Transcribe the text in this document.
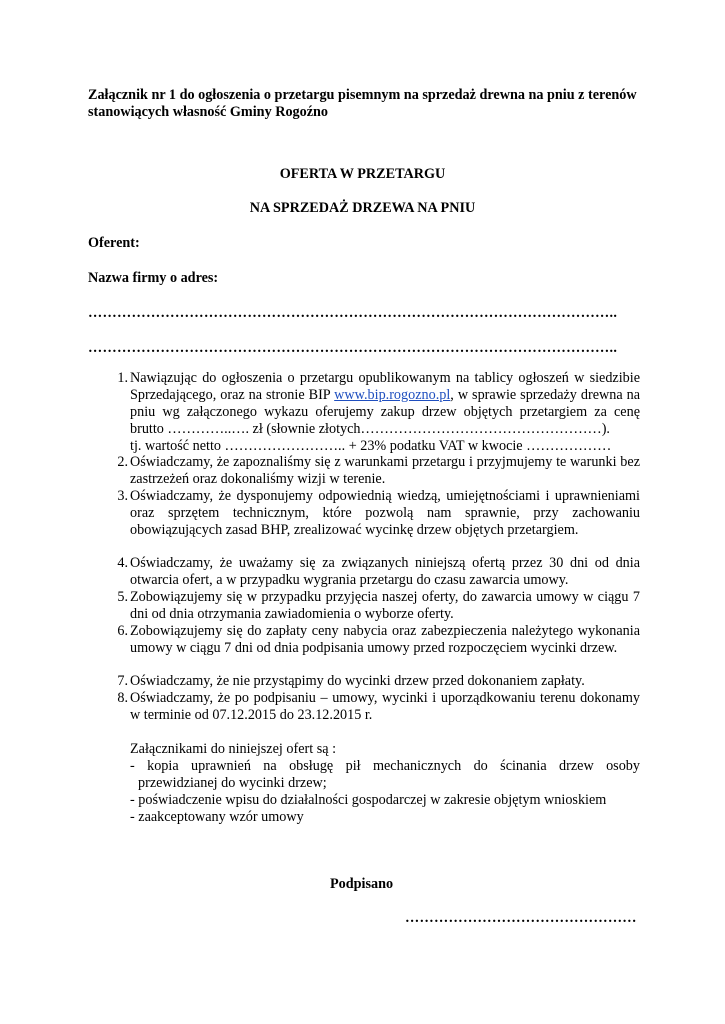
Załącznik nr 1 do ogłoszenia o przetargu pisemnym na sprzedaż drewna na pniu z terenów
stanowiących własność Gminy Rogoźno
OFERTA W PRZETARGU
NA SPRZEDAŻ DRZEWA NA PNIU
Oferent:
Nazwa firmy o adres:
………………………………………………………………………………………………..
………………………………………………………………………………………………..
1. Nawiązując do ogłoszenia o przetargu opublikowanym na tablicy ogłoszeń w siedzibie Sprzedającego, oraz na stronie BIP www.bip.rogozno.pl, w sprawie sprzedaży drewna na pniu wg załączonego wykazu oferujemy zakup drzew objętych przetargiem za cenę brutto …………..…. zł (słownie złotych……………………………………………).
tj. wartość netto …………………….. + 23% podatku VAT w kwocie ………………
2. Oświadczamy, że zapoznaliśmy się z warunkami przetargu i przyjmujemy te warunki bez zastrzeżeń oraz dokonaliśmy wizji w terenie.
3. Oświadczamy, że dysponujemy odpowiednią wiedzą, umiejętnościami i uprawnieniami oraz sprzętem technicznym, które pozwolą nam sprawnie, przy zachowaniu obowiązujących zasad BHP, zrealizować wycinkę drzew objętych przetargiem.
4. Oświadczamy, że uważamy się za związanych niniejszą ofertą przez 30 dni od dnia otwarcia ofert, a w przypadku wygrania przetargu do czasu zawarcia umowy.
5. Zobowiązujemy się w przypadku przyjęcia naszej oferty, do zawarcia umowy w ciągu 7 dni od dnia otrzymania zawiadomienia o wyborze oferty.
6. Zobowiązujemy się do zapłaty ceny nabycia oraz zabezpieczenia należytego wykonania umowy w ciągu 7 dni od dnia podpisania umowy przed rozpoczęciem wycinki drzew.
7. Oświadczamy, że nie przystąpimy do wycinki drzew przed dokonaniem zapłaty.
8. Oświadczamy, że po podpisaniu – umowy, wycinki i uporządkowaniu terenu dokonamy w terminie od 07.12.2015 do 23.12.2015 r.
Załącznikami do niniejszej ofert są :
- kopia uprawnień na obsługę pił mechanicznych do ścinania drzew osoby
przewidzianej do wycinki drzew;
- poświadczenie wpisu do działalności gospodarczej w zakresie objętym wnioskiem
- zaakceptowany wzór umowy
Podpisano
…………………………………………
